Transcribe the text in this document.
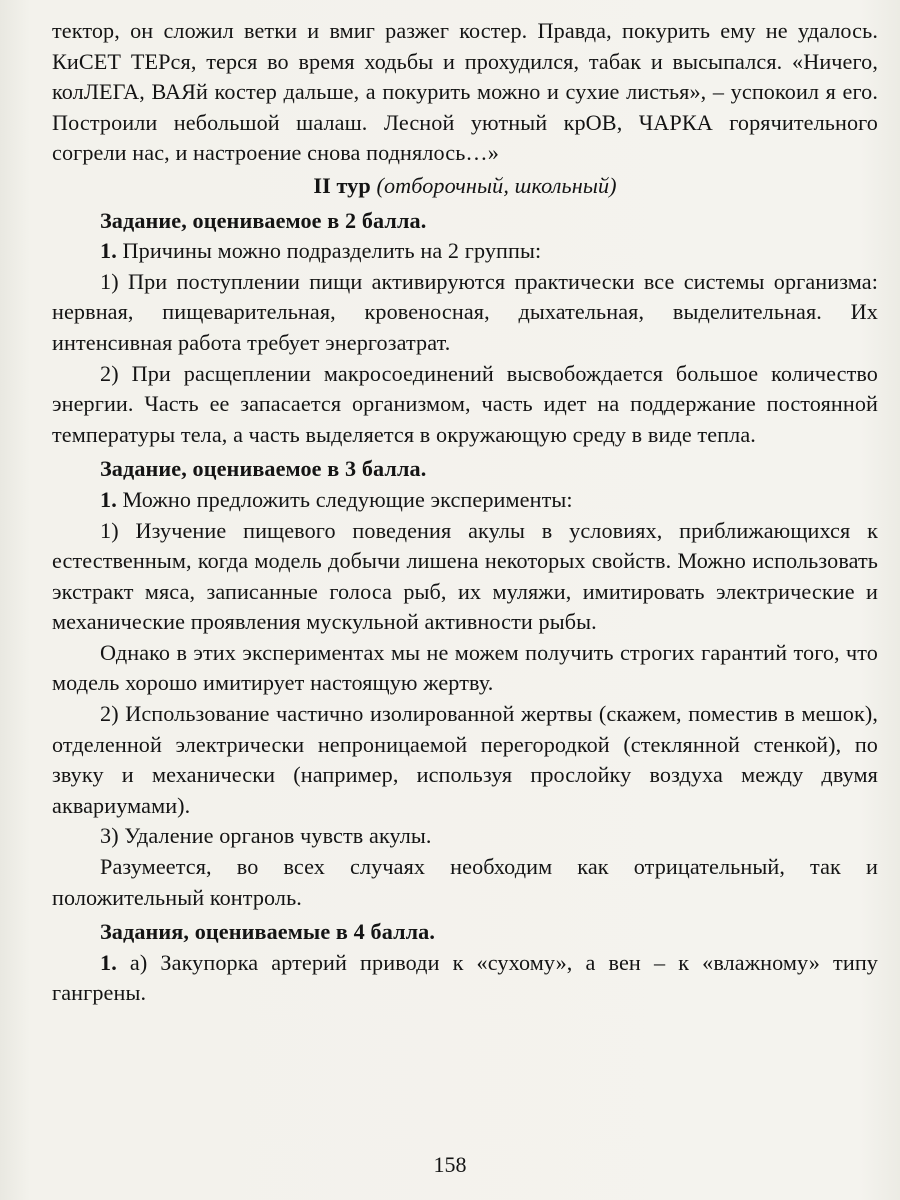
тектор, он сложил ветки и вмиг разжег костер. Правда, покурить ему не удалось. КиСЕТ ТЕРся, терся во время ходьбы и прохудился, табак и высыпался. «Ничего, колЛЕГА, ВАЯй костер дальше, а покурить можно и сухие листья», – успокоил я его. Построили небольшой шалаш. Лесной уютный крОВ, ЧАРКА горячительного согрели нас, и настроение снова поднялось…»

II тур (отборочный, школьный)

Задание, оцениваемое в 2 балла.

1. Причины можно подразделить на 2 группы:

1) При поступлении пищи активируются практически все системы организма: нервная, пищеварительная, кровеносная, дыхательная, выделительная. Их интенсивная работа требует энергозатрат.

2) При расщеплении макросоединений высвобождается большое количество энергии. Часть ее запасается организмом, часть идет на поддержание постоянной температуры тела, а часть выделяется в окружающую среду в виде тепла.

Задание, оцениваемое в 3 балла.

1. Можно предложить следующие эксперименты:

1) Изучение пищевого поведения акулы в условиях, приближающихся к естественным, когда модель добычи лишена некоторых свойств. Можно использовать экстракт мяса, записанные голоса рыб, их муляжи, имитировать электрические и механические проявления мускульной активности рыбы.

Однако в этих экспериментах мы не можем получить строгих гарантий того, что модель хорошо имитирует настоящую жертву.

2) Использование частично изолированной жертвы (скажем, поместив в мешок), отделенной электрически непроницаемой перегородкой (стеклянной стенкой), по звуку и механически (например, используя прослойку воздуха между двумя аквариумами).

3) Удаление органов чувств акулы.

Разумеется, во всех случаях необходим как отрицательный, так и положительный контроль.

Задания, оцениваемые в 4 балла.

1. а) Закупорка артерий приводи к «сухому», а вен – к «влажному» типу гангрены.

158
